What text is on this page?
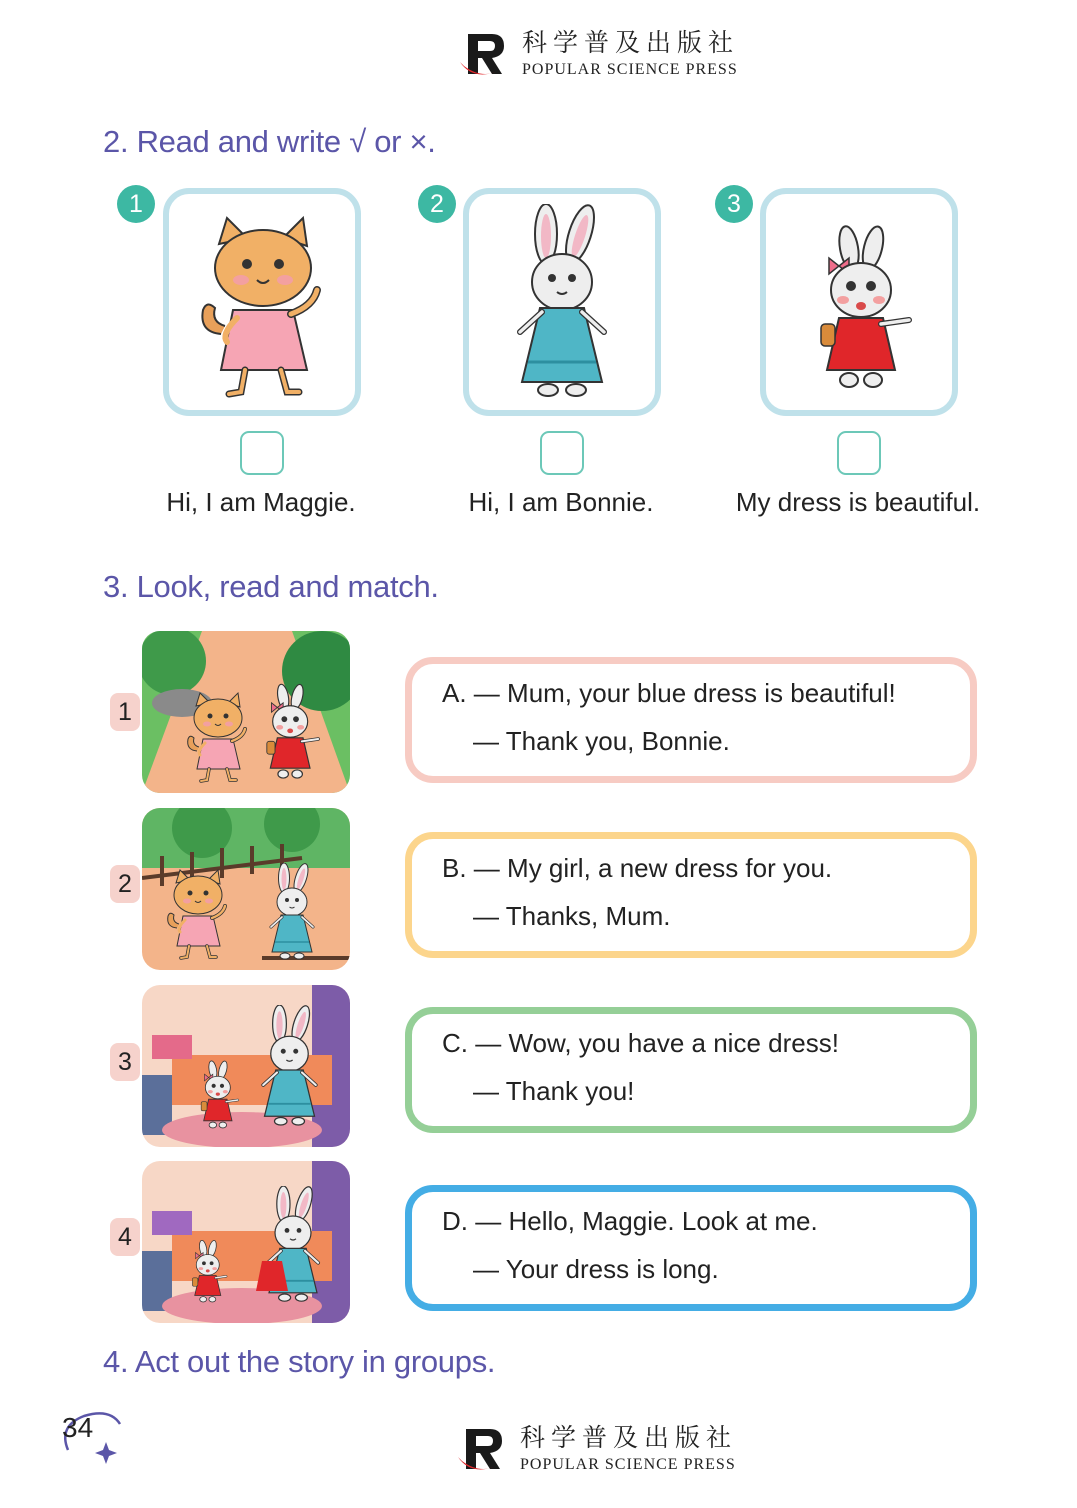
科学普及出版社
POPULAR SCIENCE PRESS
2. Read and write √ or ×.
1
Hi, I am Maggie.
2
Hi, I am Bonnie.
3
My dress is beautiful.
3. Look, read and match.
1
2
3
4
A. — Mum, your blue dress is beautiful!
— Thank you, Bonnie.
B. — My girl, a new dress for you.
— Thanks, Mum.
C. — Wow, you have a nice dress!
— Thank you!
D. — Hello, Maggie. Look at me.
— Your dress is long.
4. Act out the story in groups.
34	科学普及出版社
POPULAR SCIENCE PRESS
